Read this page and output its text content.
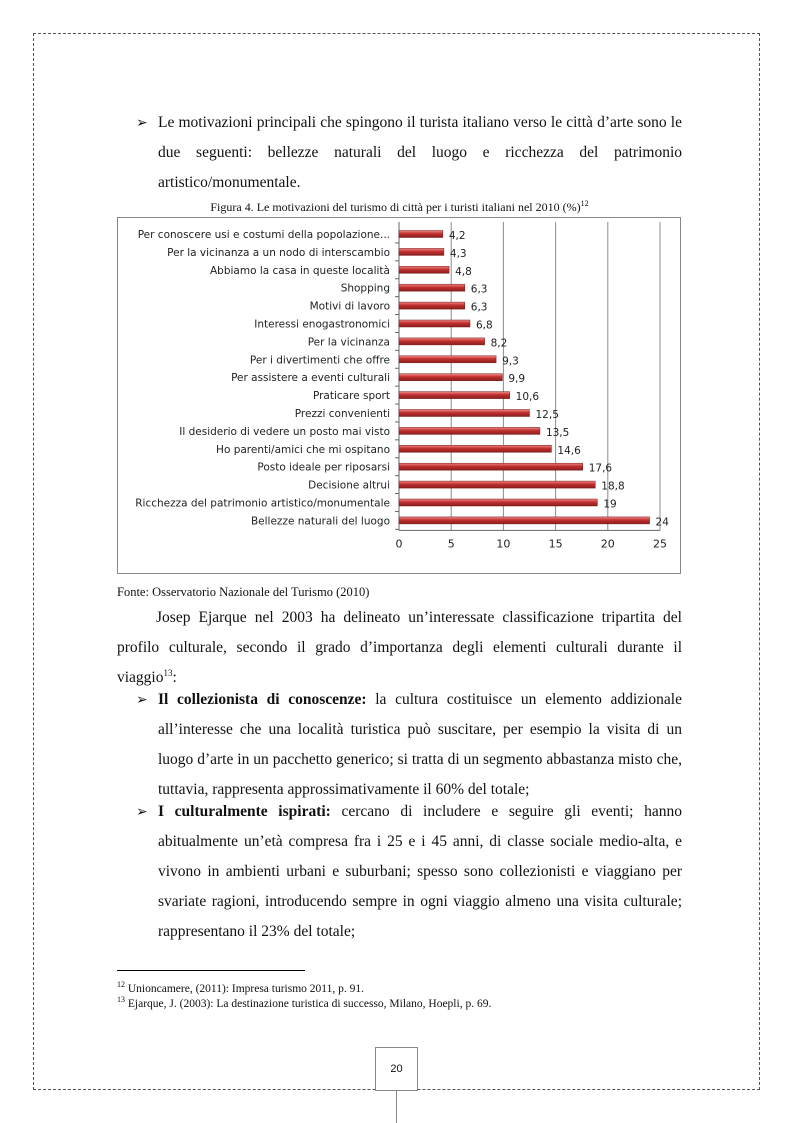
➢ Le motivazioni principali che spingono il turista italiano verso le città d’arte sono le due seguenti: bellezze naturali del luogo e ricchezza del patrimonio artistico/monumentale.

Figura 4. Le motivazioni del turismo di città per i turisti italiani nel 2010 (%)$^{12}$
0	5	10	15	20	25
Per conoscere usi e costumi della popolazione...	4,2
Per la vicinanza a un nodo di interscambio	4,3
Abbiamo la casa in queste località	4,8
Shopping	6,3
Motivi di lavoro	6,3
Interessi enogastronomici	6,8
Per la vicinanza	8,2
Per i divertimenti che offre	9,3
Per assistere a eventi culturali	9,9
Praticare sport	10,6
Prezzi convenienti	12,5
Il desiderio di vedere un posto mai visto	13,5
Ho parenti/amici che mi ospitano	14,6
Posto ideale per riposarsi	17,6
Decisione altrui	18,8
Ricchezza del patrimonio artistico/monumentale	19
Bellezze naturali del luogo	24
Fonte: Osservatorio Nazionale del Turismo (2010)

Josep Ejarque nel 2003 ha delineato un’interessate classificazione tripartita del profilo culturale, secondo il grado d’importanza degli elementi culturali durante il viaggio$^{13}$:

➢ Il collezionista di conoscenze: la cultura costituisce un elemento addizionale all’interesse che una località turistica può suscitare, per esempio la visita di un luogo d’arte in un pacchetto generico; si tratta di un segmento abbastanza misto che, tuttavia, rappresenta approssimativamente il 60% del totale;

➢ I culturalmente ispirati: cercano di includere e seguire gli eventi; hanno abitualmente un’età compresa fra i 25 e i 45 anni, di classe sociale medio-alta, e vivono in ambienti urbani e suburbani; spesso sono collezionisti e viaggiano per svariate ragioni, introducendo sempre in ogni viaggio almeno una visita culturale; rappresentano il 23% del totale;

$^{12}$ Unioncamere, (2011): Impresa turismo 2011, p. 91.
$^{13}$ Ejarque, J. (2003): La destinazione turistica di successo, Milano, Hoepli, p. 69.
20
